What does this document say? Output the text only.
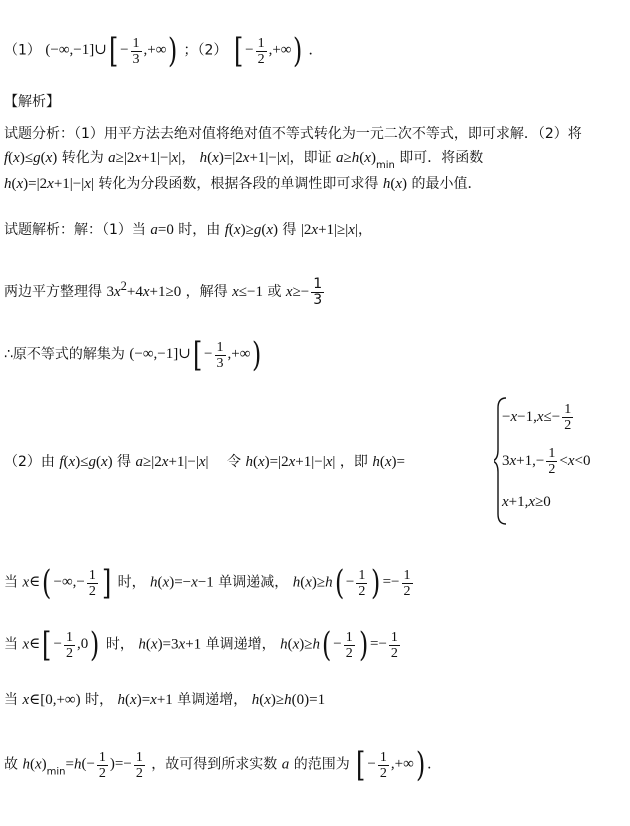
（1） (−∞,−1]∪[ − $\frac{1}{3}$ ,+∞) ；（2） [ − $\frac{1}{2}$ ,+∞) ．
【解析】
试题分析：（1）用平方法去绝对值将绝对值不等式转化为一元二次不等式，即可求解．（2）将
f(x)≤g(x) 转化为 a≥|2x+1|−|x|， h(x)=|2x+1|−|x|，即证 $a\ge h(x)_{min}$ 即可．将函数
h(x)=|2x+1|−|x| 转化为分段函数，根据各段的单调性即可求得 h(x) 的最小值．
试题解析：解：（1）当 a=0 时，由 f(x)≥g(x) 得 |2x+1|≥|x|，
两边平方整理得 $3x^2+4x+1\ge 0$ ，解得 x≤−1 或 $x\ge- \frac{1}{3}$
∴原不等式的解集为 (−∞,−1]∪[ − $\frac{1}{3}$ ,+∞)
（2）由 f(x)≤g(x) 得 a≥|2x+1|−|x| 　令 h(x)=|2x+1|−|x| ，即 h(x)=
$-x-1,x\le- \frac{1}{2}$
$3x+1,- \frac{1}{2} <x<0$
x+1,x≥0
当 x∈( −∞,− $\frac{1}{2}$ ] 时， h(x)=−x−1 单调递减， $h(x)\ge h( - \frac{1}{2}$ ) =− $\frac{1}{2}$
当 x∈[ − $\frac{1}{2} ,0$) 时， h(x)=3x+1 单调递增， $h(x)\ge h( - \frac{1}{2}$ ) =− $\frac{1}{2}$
当 x∈[0,+∞) 时， h(x)=x+1 单调递增， h(x)≥h(0)=1
故 $h(x)_{min}=h(- \frac{1}{2}$ )=− $\frac{1}{2}$ ，故可得到所求实数 a 的范围为 [ − $\frac{1}{2}$ ,+∞) ．
